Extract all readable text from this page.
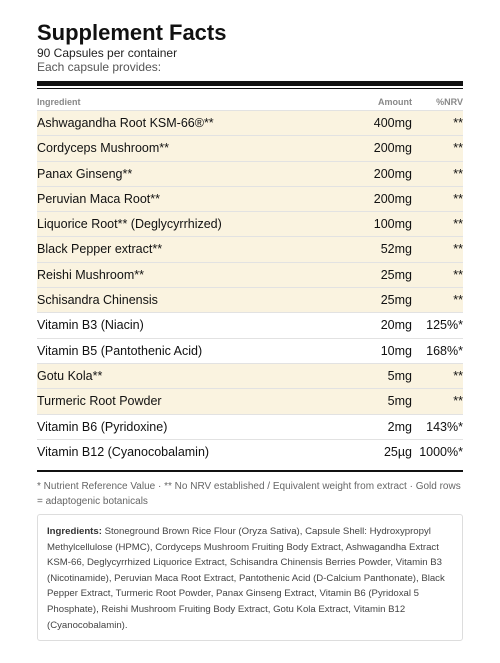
Supplement Facts
90 Capsules per container
Each capsule provides:
Ingredient	Amount	%NRV
Ashwagandha Root KSM-66®**	400mg	**
Cordyceps Mushroom**	200mg	**
Panax Ginseng**	200mg	**
Peruvian Maca Root**	200mg	**
Liquorice Root** (Deglycyrrhized)	100mg	**
Black Pepper extract**	52mg	**
Reishi Mushroom**	25mg	**
Schisandra Chinensis	25mg	**
Vitamin B3 (Niacin)	20mg 125%*
Vitamin B5 (Pantothenic Acid)	10mg 168%*
Gotu Kola**	5mg	**
Turmeric Root Powder	5mg	**
Vitamin B6 (Pyridoxine)	2mg 143%*
Vitamin B12 (Cyanocobalamin)	25µg 1000%*
* Nutrient Reference Value · ** No NRV established / Equivalent weight from extract · Gold rows = adaptogenic botanicals
Ingredients: Stoneground Brown Rice Flour (Oryza Sativa), Capsule Shell: Hydroxypropyl Methylcellulose (HPMC), Cordyceps Mushroom Fruiting Body Extract, Ashwagandha Extract KSM-66, Deglycyrrhized Liquorice Extract, Schisandra Chinensis Berries Powder, Vitamin B3 (Nicotinamide), Peruvian Maca Root Extract, Pantothenic Acid (D-Calcium Panthonate), Black Pepper Extract, Turmeric Root Powder, Panax Ginseng Extract, Vitamin B6 (Pyridoxal 5 Phosphate), Reishi Mushroom Fruiting Body Extract, Gotu Kola Extract, Vitamin B12 (Cyanocobalamin).
